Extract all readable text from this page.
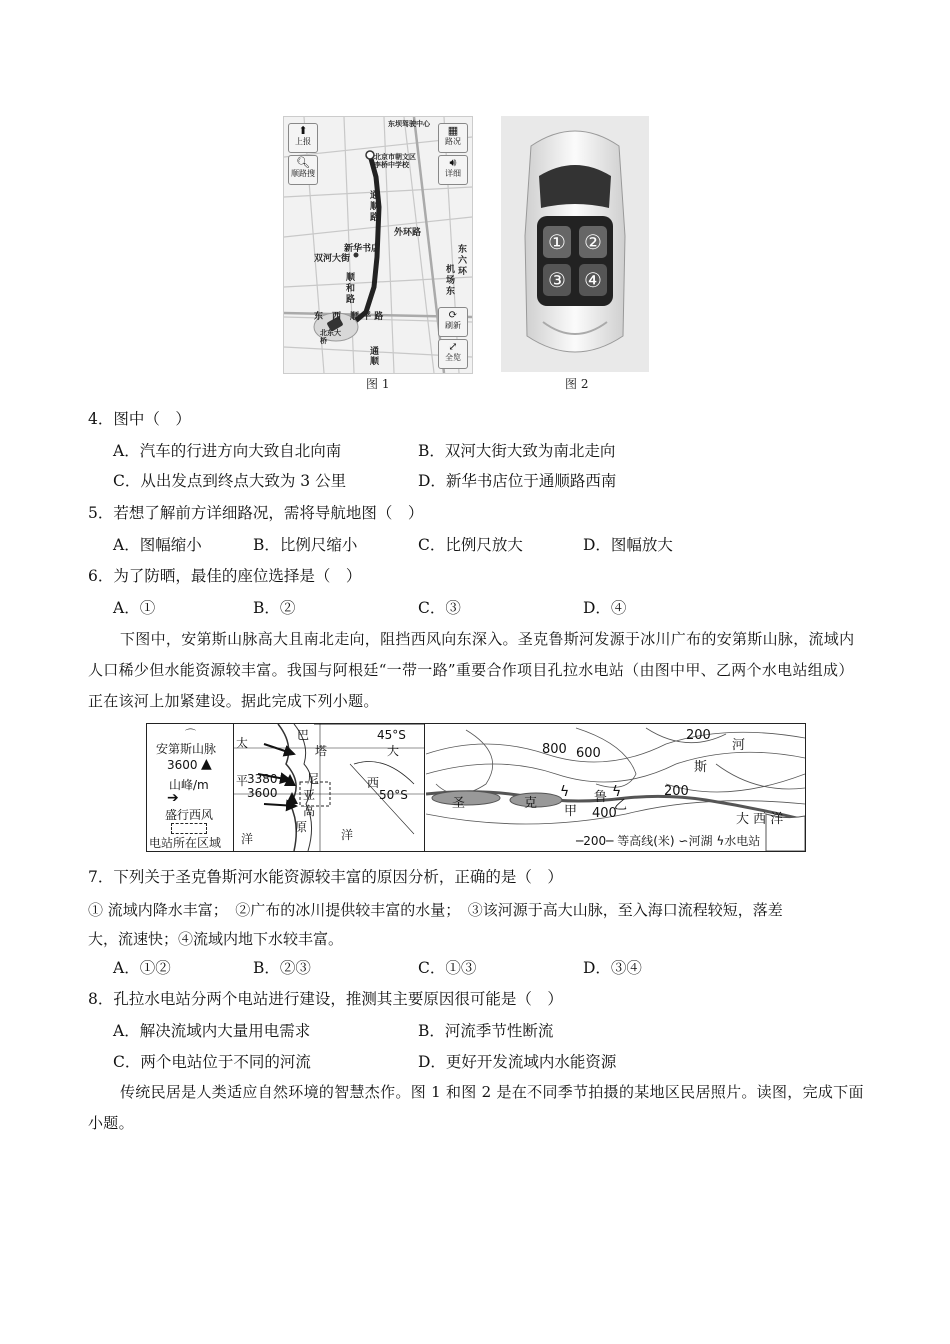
东坝驾驶中心
北京市朝文区李桥中学校
通顺路
外环路
新华书店
双河大街
顺和路
东　西　顺 平 路
东六环
机场东
北东大桥
通顺
⬆
上报
🔍︎
顺路搜
▦
路况
🔊︎
详细
⟳
刷新
⤢
全览
图 1
① ②
③ ④
图 2
4．图中（　）
A．汽车的行进方向大致自北向南	B．双河大街大致为南北走向
C．从出发点到终点大致为 3 公里	D．新华书店位于通顺路西南
5．若想了解前方详细路况，需将导航地图（　）
A．图幅缩小	B．比例尺缩小	C．比例尺放大	D．图幅放大
6．为了防晒，最佳的座位选择是（　）
A．①	B．②	C．③	D．④
下图中，安第斯山脉高大且南北走向，阻挡西风向东深入。圣克鲁斯河发源于冰川广布的安第斯山脉，流域内人口稀少但水能资源较丰富。我国与阿根廷“一带一路”重要合作项目孔拉水电站（由图中甲、乙两个水电站组成）正在该河上加紧建设。据此完成下列小题。
⌒
安第斯山脉
3600 ▲
山峰/m
➔
盛行西风
电站所在区域
太
平
洋
3380
3600
巴
塔
尼
亚
高
原
45°S
大
西
50°S
洋
800 600
400
200
200
河
斯
圣	克	鲁
ϟ
甲
ϟ
乙
大 西 洋
─200─ 等高线(米) ∽河湖 ϟ水电站
7．下列关于圣克鲁斯河水能资源较丰富的原因分析，正确的是（　）
① 流域内降水丰富；　②广布的冰川提供较丰富的水量；　③该河源于高大山脉，至入海口流程较短，落差
大，流速快；④流域内地下水较丰富。
A．①②	B．②③	C．①③	D．③④
8．孔拉水电站分两个电站进行建设，推测其主要原因很可能是（　）
A．解决流域内大量用电需求	B．河流季节性断流
C．两个电站位于不同的河流	D．更好开发流域内水能资源
传统民居是人类适应自然环境的智慧杰作。图 1 和图 2 是在不同季节拍摄的某地区民居照片。读图，完成下面小题。
